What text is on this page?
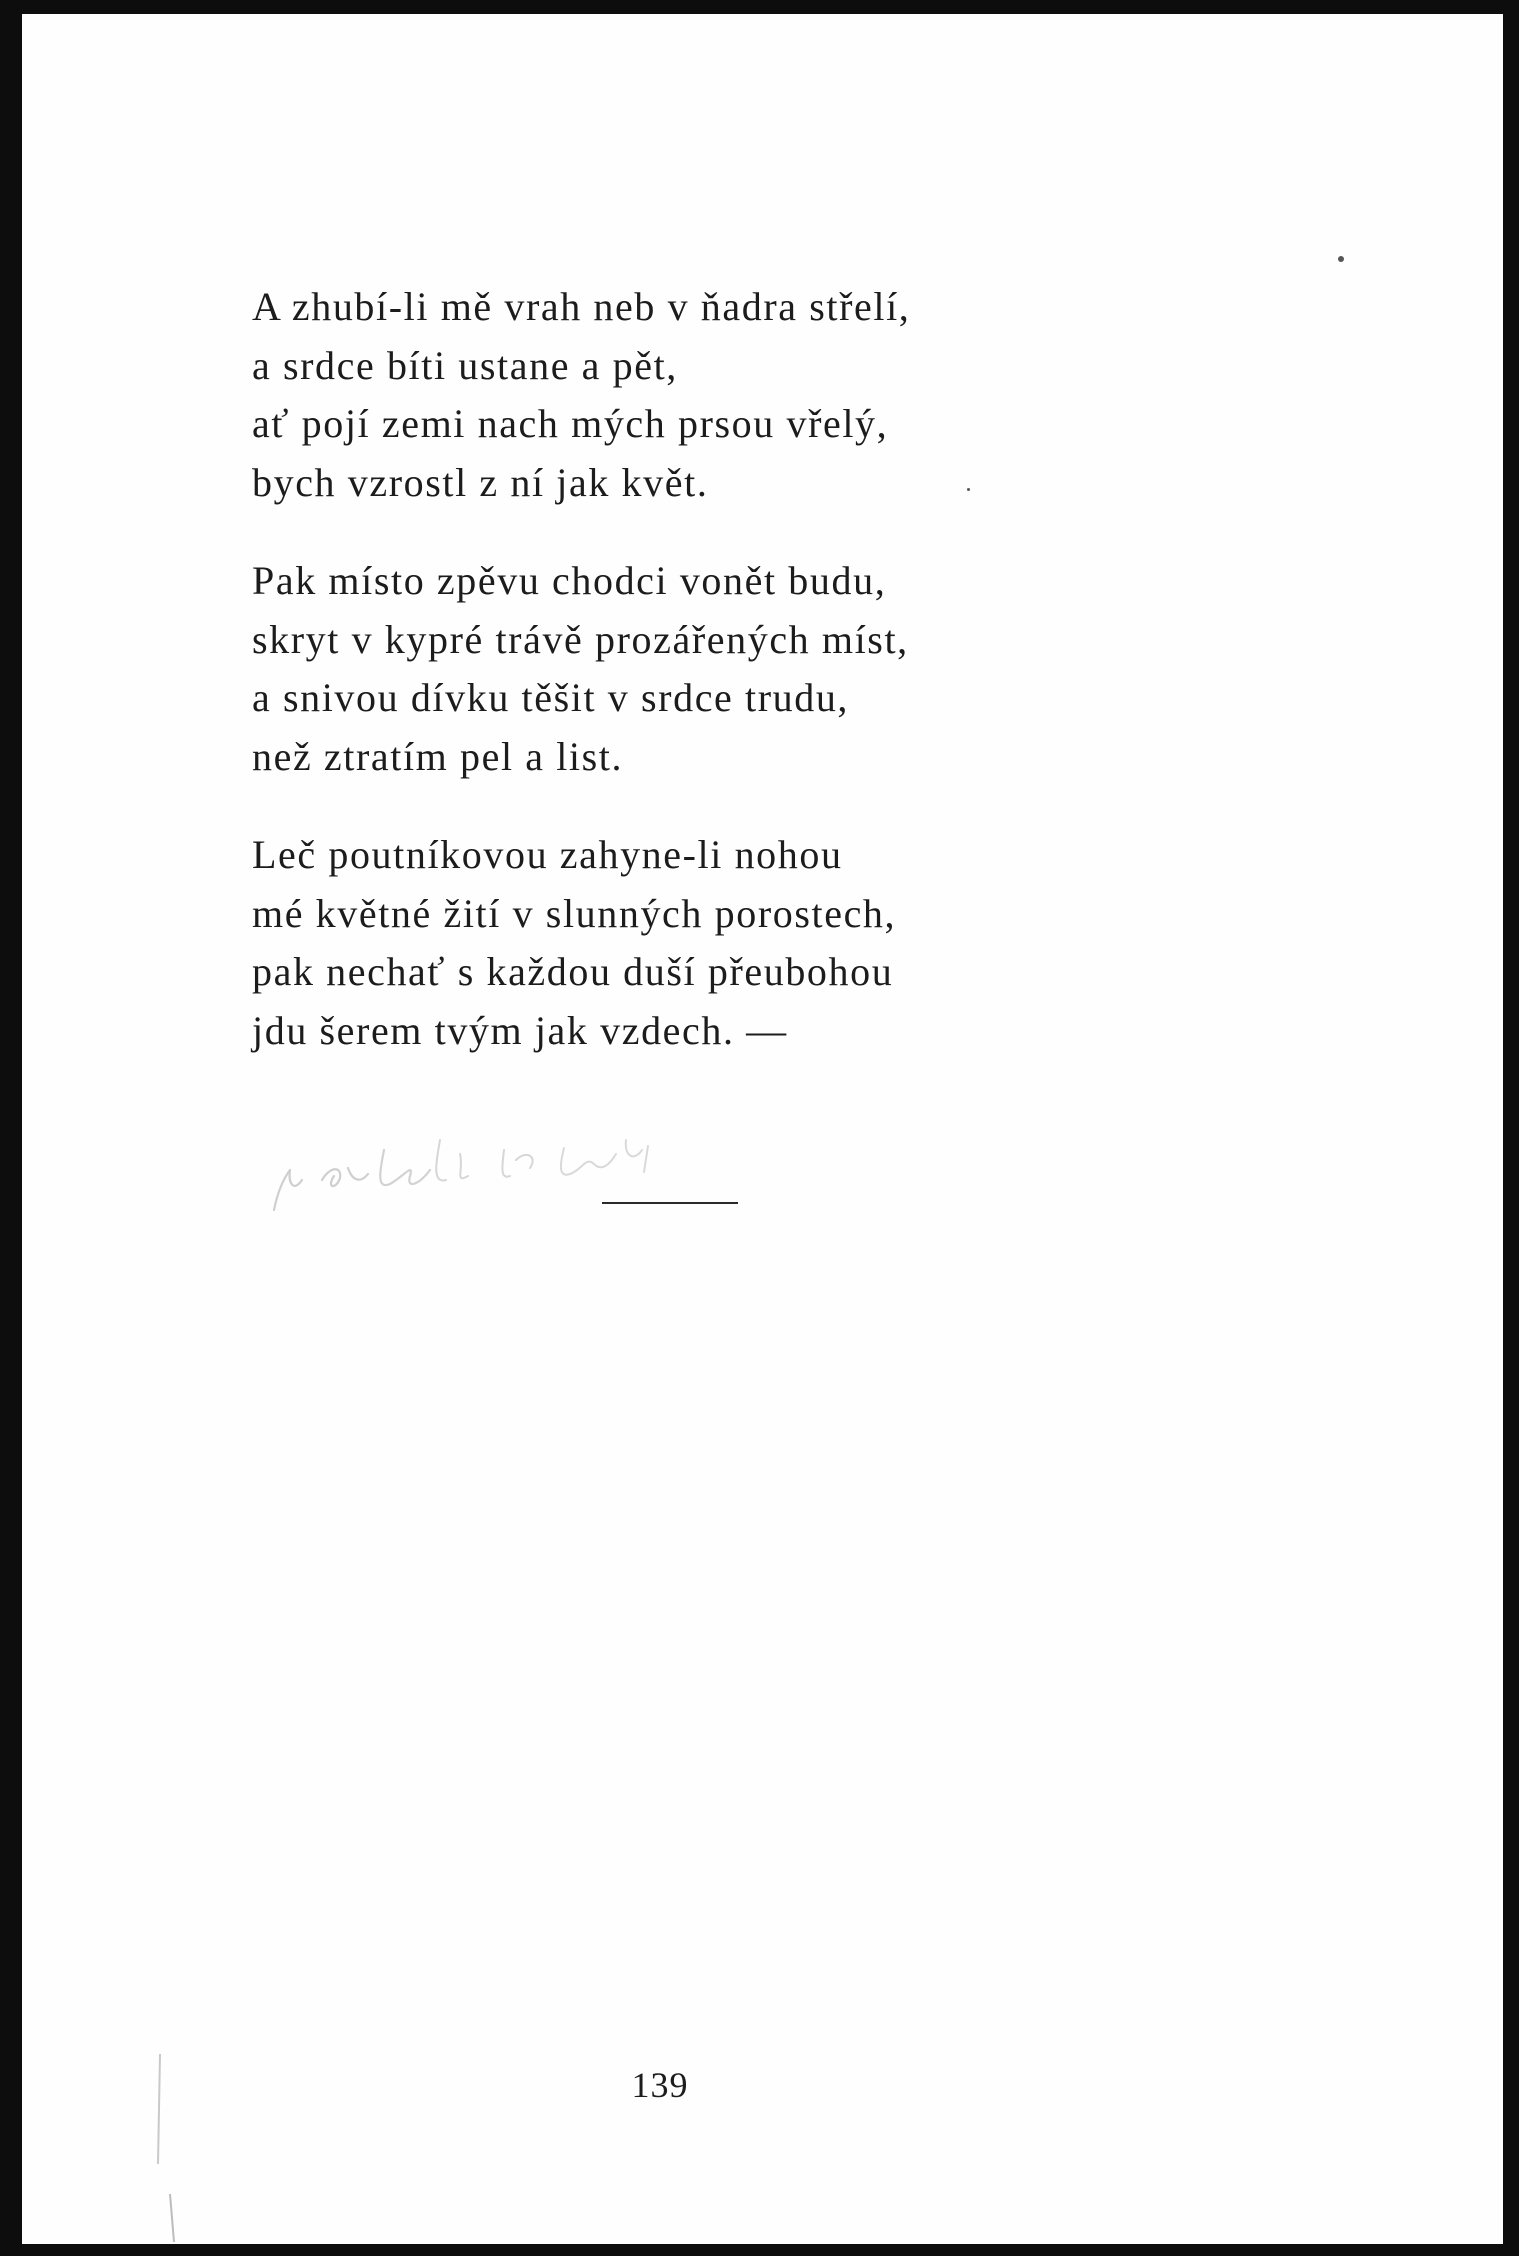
A zhubí-li mě vrah neb v ňadra střelí,
a srdce bíti ustane a pět,
ať pojí zemi nach mých prsou vřelý,
bych vzrostl z ní jak květ.
Pak místo zpěvu chodci vonět budu,
skryt v kypré trávě prozářených míst,
a snivou dívku těšit v srdce trudu,
než ztratím pel a list.
Leč poutníkovou zahyne-li nohou
mé květné žití v slunných porostech,
pak nechať s každou duší přeubohou
jdu šerem tvým jak vzdech. —
139
